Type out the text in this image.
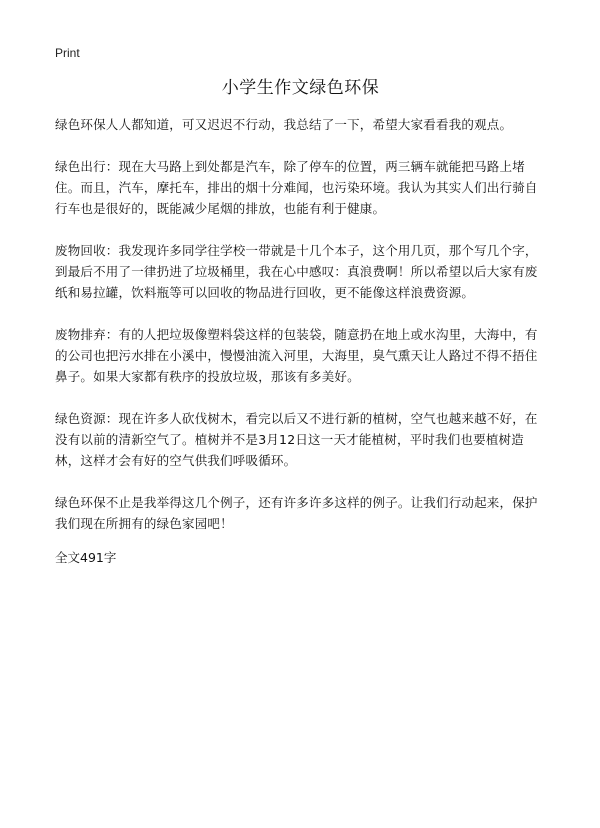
Print
小学生作文绿色环保

绿色环保人人都知道，可又迟迟不行动，我总结了一下，希望大家看看我的观点。

绿色出行：现在大马路上到处都是汽车，除了停车的位置，两三辆车就能把马路上堵住。而且，汽车，摩托车，排出的烟十分难闻，也污染环境。我认为其实人们出行骑自行车也是很好的，既能减少尾烟的排放，也能有利于健康。

废物回收：我发现许多同学往学校一带就是十几个本子，这个用几页，那个写几个字，到最后不用了一律扔进了垃圾桶里，我在心中感叹：真浪费啊！所以希望以后大家有废纸和易拉罐，饮料瓶等可以回收的物品进行回收，更不能像这样浪费资源。

废物排弃：有的人把垃圾像塑料袋这样的包装袋，随意扔在地上或水沟里，大海中，有的公司也把污水排在小溪中，慢慢油流入河里，大海里，臭气熏天让人路过不得不捂住鼻子。如果大家都有秩序的投放垃圾，那该有多美好。

绿色资源：现在许多人砍伐树木，看完以后又不进行新的植树，空气也越来越不好，在没有以前的清新空气了。植树并不是3月12日这一天才能植树，平时我们也要植树造林，这样才会有好的空气供我们呼吸循环。

绿色环保不止是我举得这几个例子，还有许多许多这样的例子。让我们行动起来，保护我们现在所拥有的绿色家园吧！

全文491字
